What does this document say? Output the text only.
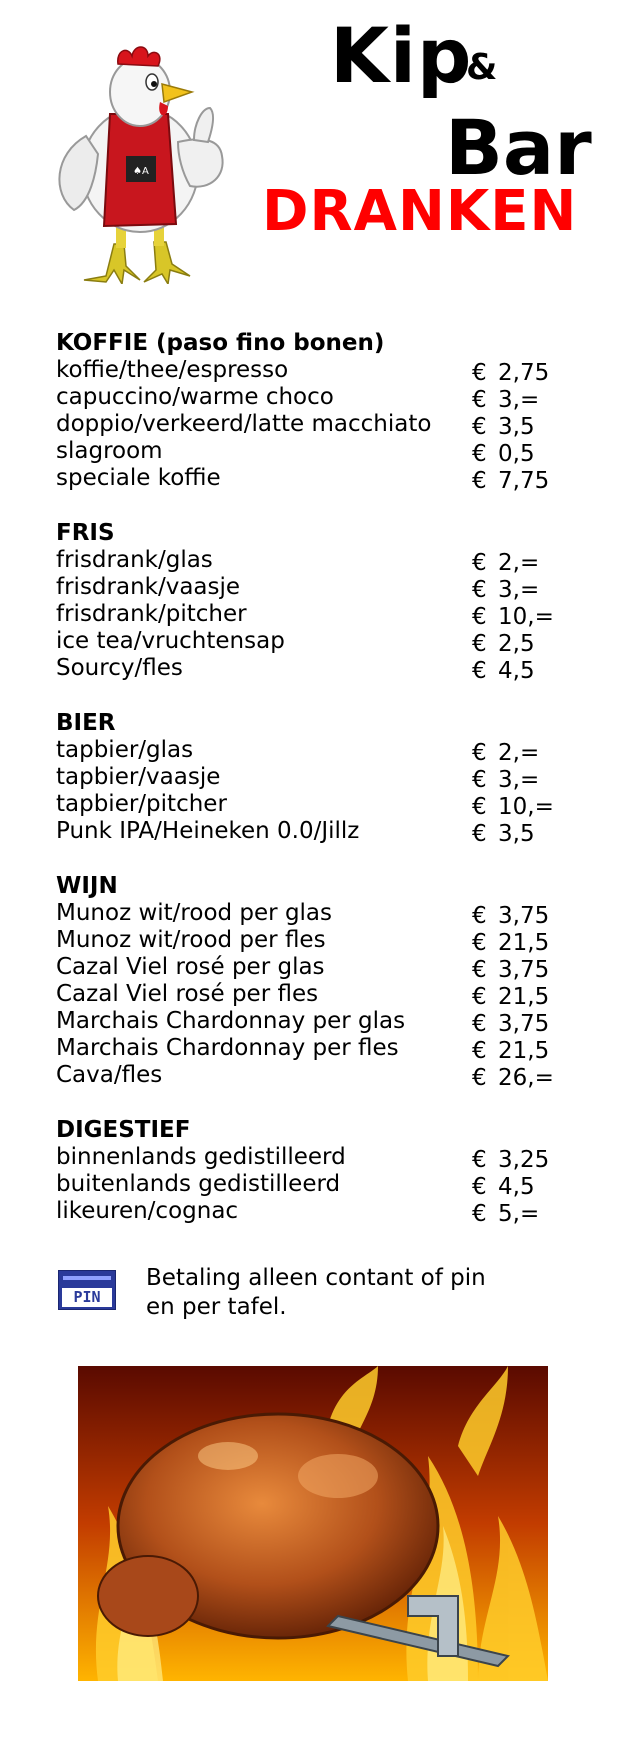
♠A
Kip
&
Bar
DRANKEN
KOFFIE (paso fino bonen)
koffie/thee/espresso	€ 2,75
capuccino/warme choco	€ 3,=
doppio/verkeerd/latte macchiato € 3,5
slagroom	€ 0,5
speciale koffie	€ 7,75
FRIS
frisdrank/glas	€ 2,=
frisdrank/vaasje	€ 3,=
frisdrank/pitcher	€ 10,=
ice tea/vruchtensap	€ 2,5
Sourcy/fles	€ 4,5
BIER
tapbier/glas	€ 2,=
tapbier/vaasje	€ 3,=
tapbier/pitcher	€ 10,=
Punk IPA/Heineken 0.0/Jillz	€ 3,5
WIJN
Munoz wit/rood per glas	€ 3,75
Munoz wit/rood per fles	€ 21,5
Cazal Viel rosé per glas	€ 3,75
Cazal Viel rosé per fles	€ 21,5
Marchais Chardonnay per glas	€ 3,75
Marchais Chardonnay per fles	€ 21,5
Cava/fles	€ 26,=
DIGESTIEF
binnenlands gedistilleerd	€ 3,25
buitenlands gedistilleerd	€ 4,5
likeuren/cognac	€ 5,=
PIN
Betaling alleen contant of pin
en per tafel.
